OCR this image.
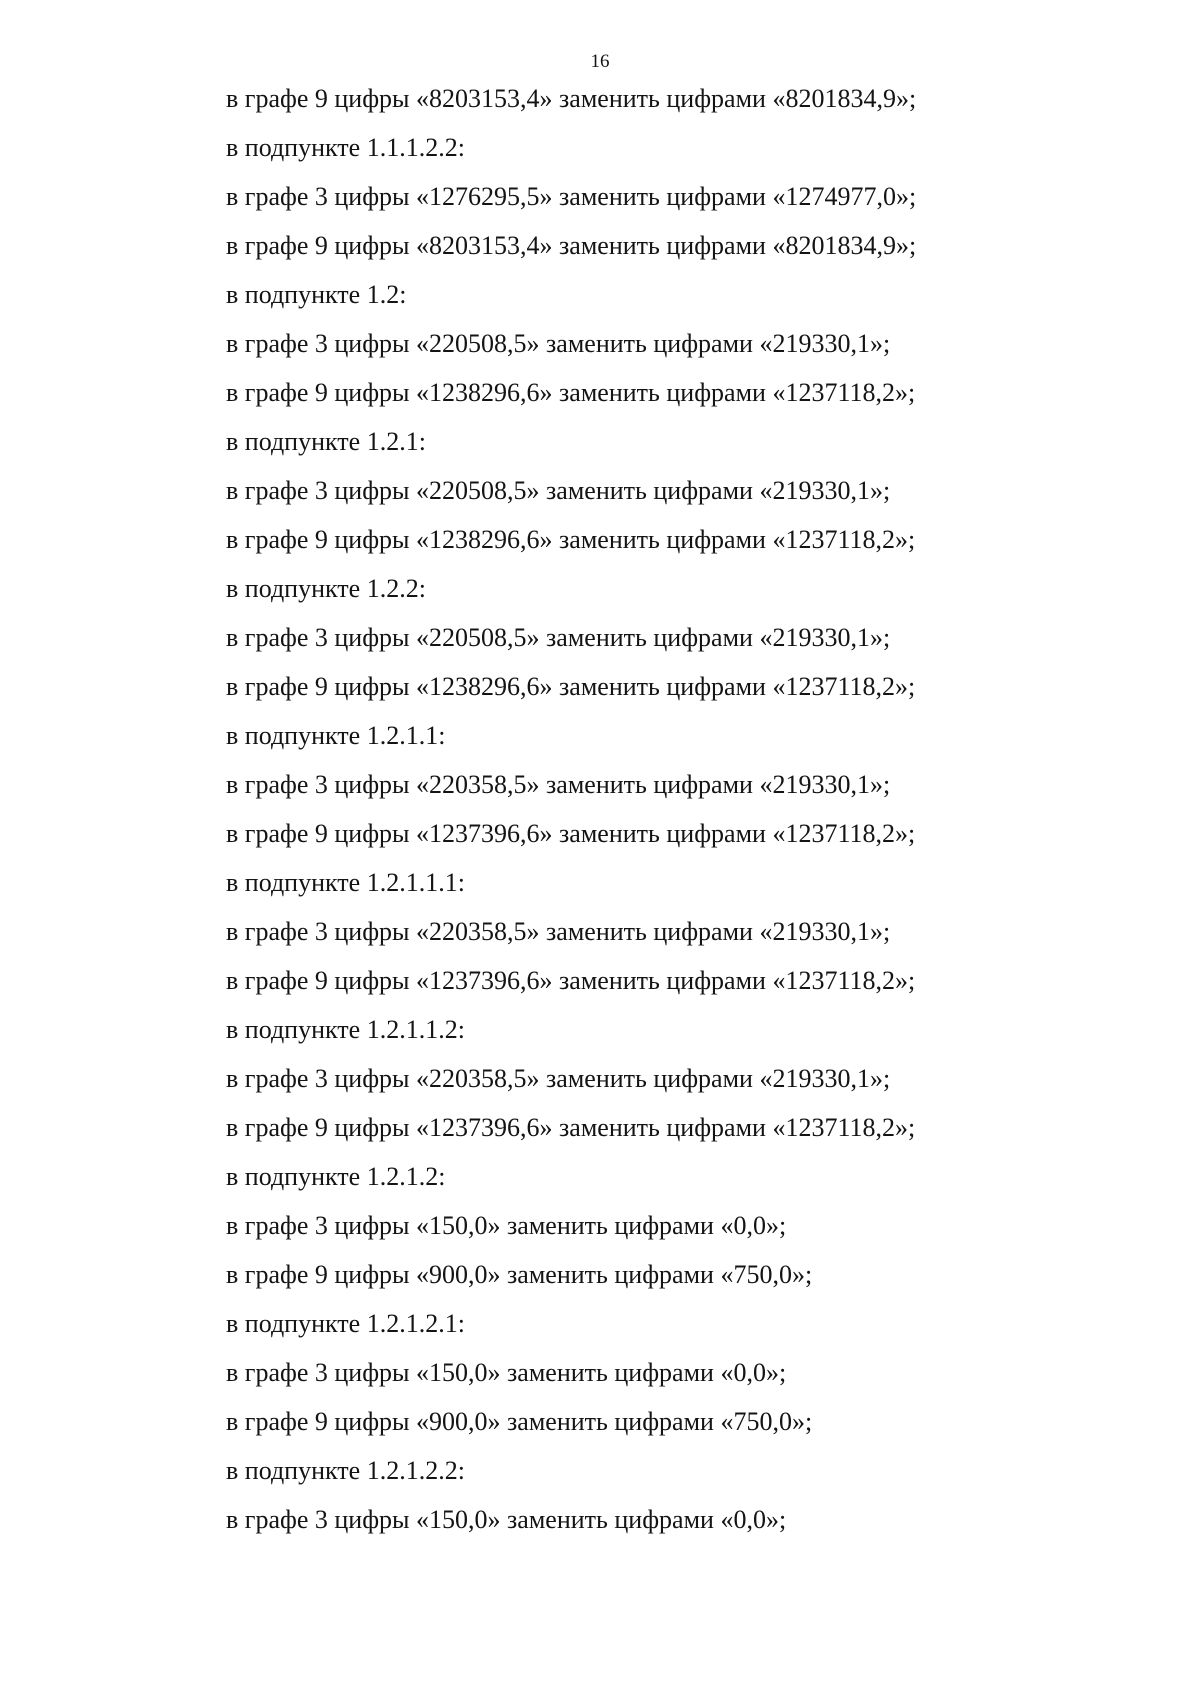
16
в графе 9 цифры «8203153,4» заменить цифрами «8201834,9»;
в подпункте 1.1.1.2.2:
в графе 3 цифры «1276295,5» заменить цифрами «1274977,0»;
в графе 9 цифры «8203153,4» заменить цифрами «8201834,9»;
в подпункте 1.2:
в графе 3 цифры «220508,5» заменить цифрами «219330,1»;
в графе 9 цифры «1238296,6» заменить цифрами «1237118,2»;
в подпункте 1.2.1:
в графе 3 цифры «220508,5» заменить цифрами «219330,1»;
в графе 9 цифры «1238296,6» заменить цифрами «1237118,2»;
в подпункте 1.2.2:
в графе 3 цифры «220508,5» заменить цифрами «219330,1»;
в графе 9 цифры «1238296,6» заменить цифрами «1237118,2»;
в подпункте 1.2.1.1:
в графе 3 цифры «220358,5» заменить цифрами «219330,1»;
в графе 9 цифры «1237396,6» заменить цифрами «1237118,2»;
в подпункте 1.2.1.1.1:
в графе 3 цифры «220358,5» заменить цифрами «219330,1»;
в графе 9 цифры «1237396,6» заменить цифрами «1237118,2»;
в подпункте 1.2.1.1.2:
в графе 3 цифры «220358,5» заменить цифрами «219330,1»;
в графе 9 цифры «1237396,6» заменить цифрами «1237118,2»;
в подпункте 1.2.1.2:
в графе 3 цифры «150,0» заменить цифрами «0,0»;
в графе 9 цифры «900,0» заменить цифрами «750,0»;
в подпункте 1.2.1.2.1:
в графе 3 цифры «150,0» заменить цифрами «0,0»;
в графе 9 цифры «900,0» заменить цифрами «750,0»;
в подпункте 1.2.1.2.2:
в графе 3 цифры «150,0» заменить цифрами «0,0»;
